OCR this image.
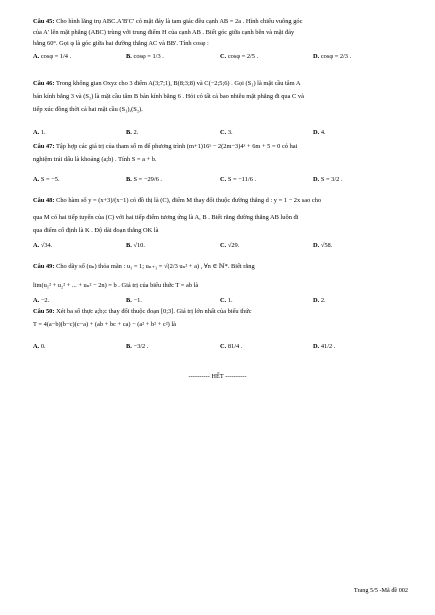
Câu 45: Cho hình lăng trụ ABC.A′B′C′ có mặt đáy là tam giác đều cạnh AB = 2a . Hình chiếu vuông góc
của A′ lên mặt phẳng (ABC) trùng với trung điểm H của cạnh AB . Biết góc giữa cạnh bên và mặt đáy
bằng 60°. Gọi φ là góc giữa hai đường thẳng AC và BB′. Tính cosφ :
A. cosφ = 1/4 .	B. cosφ = 1/3 .	C. cosφ = 2/5 .	D. cosφ = 2/3 .
Câu 46: Trong không gian Oxyz cho 3 điểm A(3;7;1), B(8;3;8) và C(−2;5;6) . Gọi (S₁) là mặt cầu tâm A
bán kính bằng 3 và (S₂) là mặt cầu tâm B bán kính bằng 6 . Hỏi có tất cả bao nhiêu mặt phẳng đi qua C và
tiếp xúc đồng thời cả hai mặt cầu (S₁),(S₂).
A. 1.	B. 2.	C. 3.	D. 4.
Câu 47: Tập hợp các giá trị của tham số m để phương trình (m+1)16ˣ − 2(2m−3)4ˣ + 6m + 5 = 0 có hai
nghiệm trái dấu là khoảng (a;b) . Tính S = a + b.
A. S = −5.	B. S = −29/6 .	C. S = −11/6 .	D. S = 3/2 .
Câu 48: Cho hàm số y = (x+3)/(x−1) có đồ thị là (C), điểm M thay đổi thuộc đường thẳng d : y = 1 − 2x sao cho
qua M có hai tiếp tuyến của (C) với hai tiếp điểm tương ứng là A, B . Biết rằng đường thẳng AB luôn đi
qua điểm cố định là K . Độ dài đoạn thẳng OK là
A. √34.	B. √10.	C. √29.	D. √58.
Câu 49: Cho dãy số (uₙ) thỏa mãn : u₁ = 1; uₙ₊₁ = √(2/3 uₙ² + a) , ∀n ∈ ℕ*. Biết rằng
lim(u₁² + u₂² + ... + uₙ² − 2n) = b . Giá trị của biểu thức T = ab là
A. −2.	B. −1.	C. 1.	D. 2.
Câu 50: Xét ba số thực a;b;c thay đổi thuộc đoạn [0;3]. Giá trị lớn nhất của biểu thức
T = 4(a−b)(b−c)(c−a) + (ab + bc + ca) − (a² + b² + c²) là
A. 0.	B. −3/2 .	C. 81/4 .	D. 41/2 .
---------- HẾT ----------
Trang 5/5 -Mã đề 002
